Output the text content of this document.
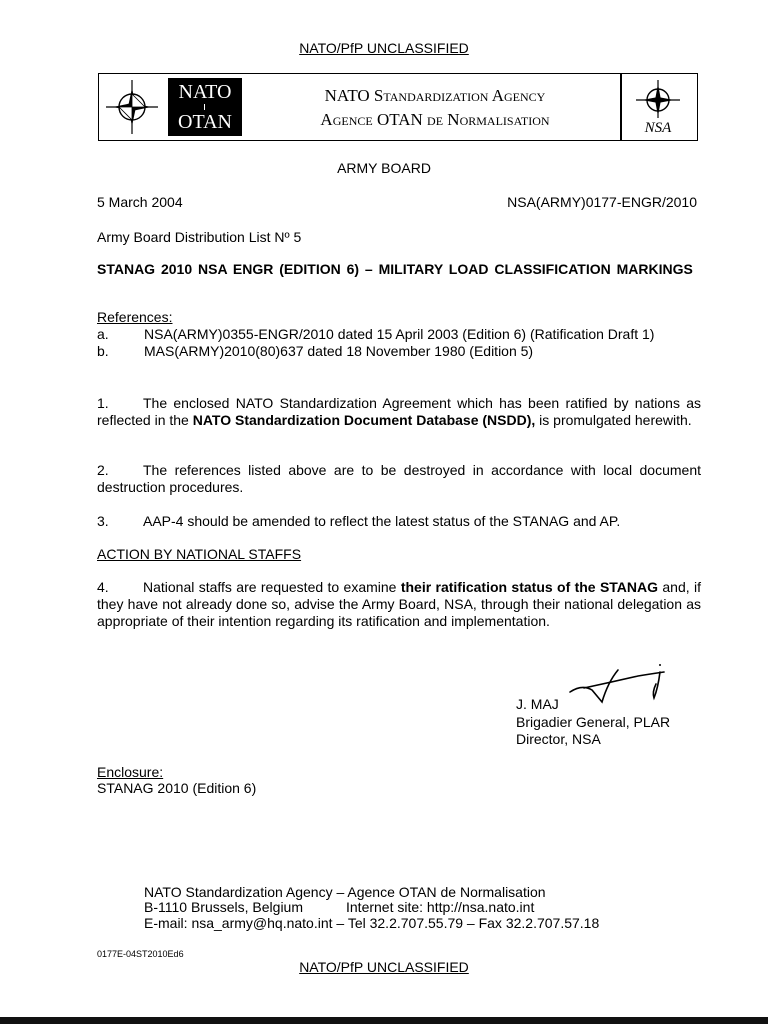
NATO/PfP UNCLASSIFIED
NATO
OTAN
NATO Standardization Agency
Agence OTAN de Normalisation	NSA
ARMY BOARD
5 March 2004	NSA(ARMY)0177-ENGR/2010
Army Board Distribution List Nº 5
STANAG 2010 NSA ENGR (EDITION 6) – MILITARY LOAD CLASSIFICATION MARKINGS
References:
a.	NSA(ARMY)0355-ENGR/2010 dated 15 April 2003 (Edition 6) (Ratification Draft 1)
b.	MAS(ARMY)2010(80)637 dated 18 November 1980 (Edition 5)
1. The enclosed NATO Standardization Agreement which has been ratified by nations as reflected in the NATO Standardization Document Database (NSDD), is promulgated herewith.
2. The references listed above are to be destroyed in accordance with local document destruction procedures.
3. AAP-4 should be amended to reflect the latest status of the STANAG and AP.
ACTION BY NATIONAL STAFFS
4. National staffs are requested to examine their ratification status of the STANAG and, if they have not already done so, advise the Army Board, NSA, through their national delegation as appropriate of their intention regarding its ratification and implementation.
J. MAJ
Brigadier General, PLAR
Director, NSA
Enclosure:
STANAG 2010 (Edition 6)
NATO Standardization Agency – Agence OTAN de Normalisation
B-1110 Brussels, Belgium	Internet site: http://nsa.nato.int
E-mail: nsa_army@hq.nato.int – Tel 32.2.707.55.79 – Fax 32.2.707.57.18
0177E-04ST2010Ed6
NATO/PfP UNCLASSIFIED
